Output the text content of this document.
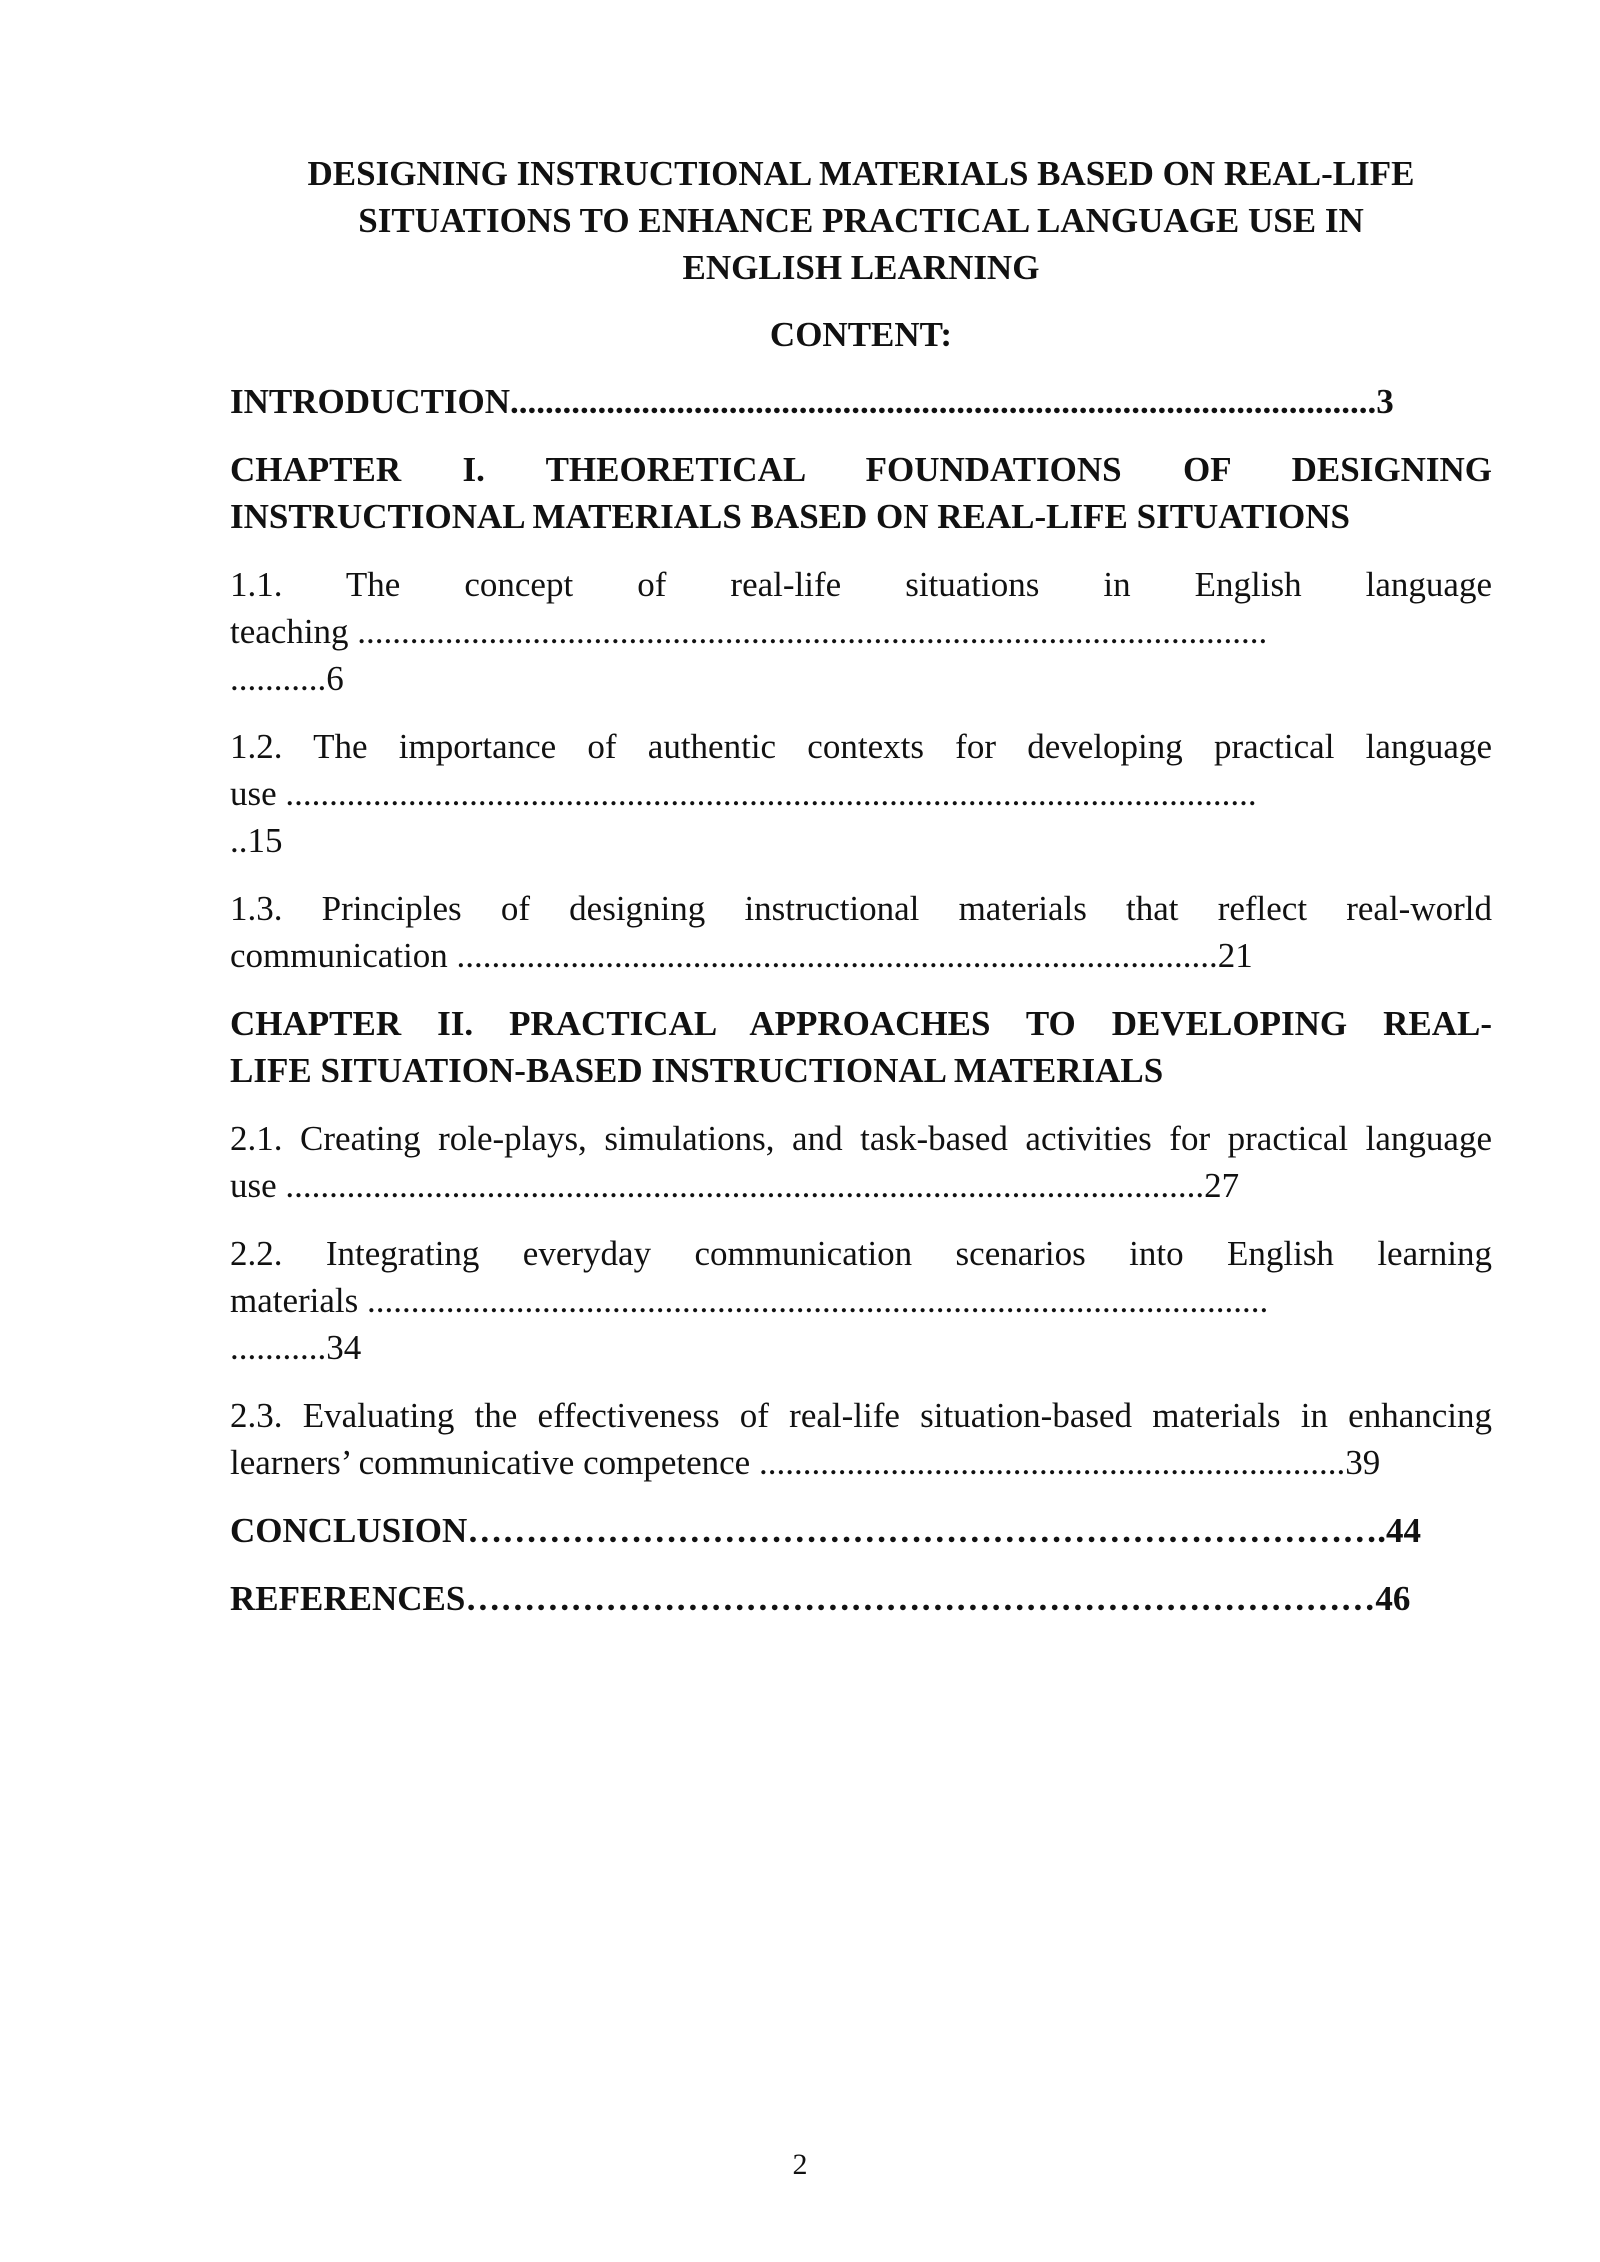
DESIGNING INSTRUCTIONAL MATERIALS BASED ON REAL-LIFE
SITUATIONS TO ENHANCE PRACTICAL LANGUAGE USE IN
ENGLISH LEARNING
CONTENT:
INTRODUCTION...................................................................................................3
CHAPTER I. THEORETICAL FOUNDATIONS OF DESIGNING
INSTRUCTIONAL MATERIALS BASED ON REAL-LIFE SITUATIONS
1.1. The concept of real-life situations in English language
teaching ........................................................................................................
...........6
1.2. The importance of authentic contexts for developing practical language
use ...............................................................................................................
..15
1.3. Principles of designing instructional materials that reflect real-world
communication .......................................................................................21
CHAPTER II. PRACTICAL APPROACHES TO DEVELOPING REAL-
LIFE SITUATION-BASED INSTRUCTIONAL MATERIALS
2.1. Creating role-plays, simulations, and task-based activities for practical language
use .........................................................................................................27
2.2. Integrating everyday communication scenarios into English learning
materials .......................................................................................................
...........34
2.3. Evaluating the effectiveness of real-life situation-based materials in enhancing
learners’ communicative competence ...................................................................39
CONCLUSION…………………………………………………………………….44
REFERENCES……………………………………………………………………46
2
